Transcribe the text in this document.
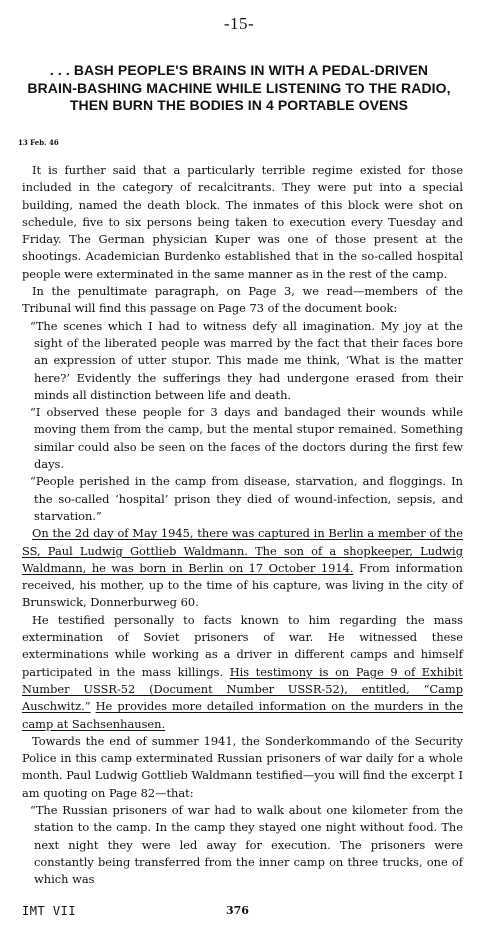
-15-
. . . BASH PEOPLE'S BRAINS IN WITH A PEDAL-DRIVEN BRAIN-BASHING MACHINE WHILE LISTENING TO THE RADIO, THEN BURN THE BODIES IN 4 PORTABLE OVENS
13 Feb. 46

It is further said that a particularly terrible regime existed for those included in the category of recalcitrants. They were put into a special building, named the death block. The inmates of this block were shot on schedule, five to six persons being taken to execution every Tuesday and Friday. The German physician Kuper was one of those present at the shootings. Academician Burdenko established that in the so-called hospital people were exterminated in the same manner as in the rest of the camp.

In the penultimate paragraph, on Page 3, we read—members of the Tribunal will find this passage on Page 73 of the document book:

“The scenes which I had to witness defy all imagination. My joy at the sight of the liberated people was marred by the fact that their faces bore an expression of utter stupor. This made me think, ‘What is the matter here?’ Evidently the sufferings they had undergone erased from their minds all distinction between life and death.

“I observed these people for 3 days and bandaged their wounds while moving them from the camp, but the mental stupor remained. Something similar could also be seen on the faces of the doctors during the first few days.

“People perished in the camp from disease, starvation, and floggings. In the so-called ‘hospital’ prison they died of wound-infection, sepsis, and starvation.”

On the 2d day of May 1945, there was captured in Berlin a member of the SS, Paul Ludwig Gottlieb Waldmann. The son of a shopkeeper, Ludwig Waldmann, he was born in Berlin on 17 October 1914. From information received, his mother, up to the time of his capture, was living in the city of Brunswick, Donnerburweg 60.

He testified personally to facts known to him regarding the mass extermination of Soviet prisoners of war. He witnessed these exterminations while working as a driver in different camps and himself participated in the mass killings. His testimony is on Page 9 of Exhibit Number USSR-52 (Document Number USSR-52), entitled, “Camp Auschwitz.” He provides more detailed information on the murders in the camp at Sachsenhausen.

Towards the end of summer 1941, the Sonderkommando of the Security Police in this camp exterminated Russian prisoners of war daily for a whole month. Paul Ludwig Gottlieb Waldmann testified—you will find the excerpt I am quoting on Page 82—that:

“The Russian prisoners of war had to walk about one kilometer from the station to the camp. In the camp they stayed one night without food. The next night they were led away for execution. The prisoners were constantly being transferred from the inner camp on three trucks, one of which was

IMT VII	376
